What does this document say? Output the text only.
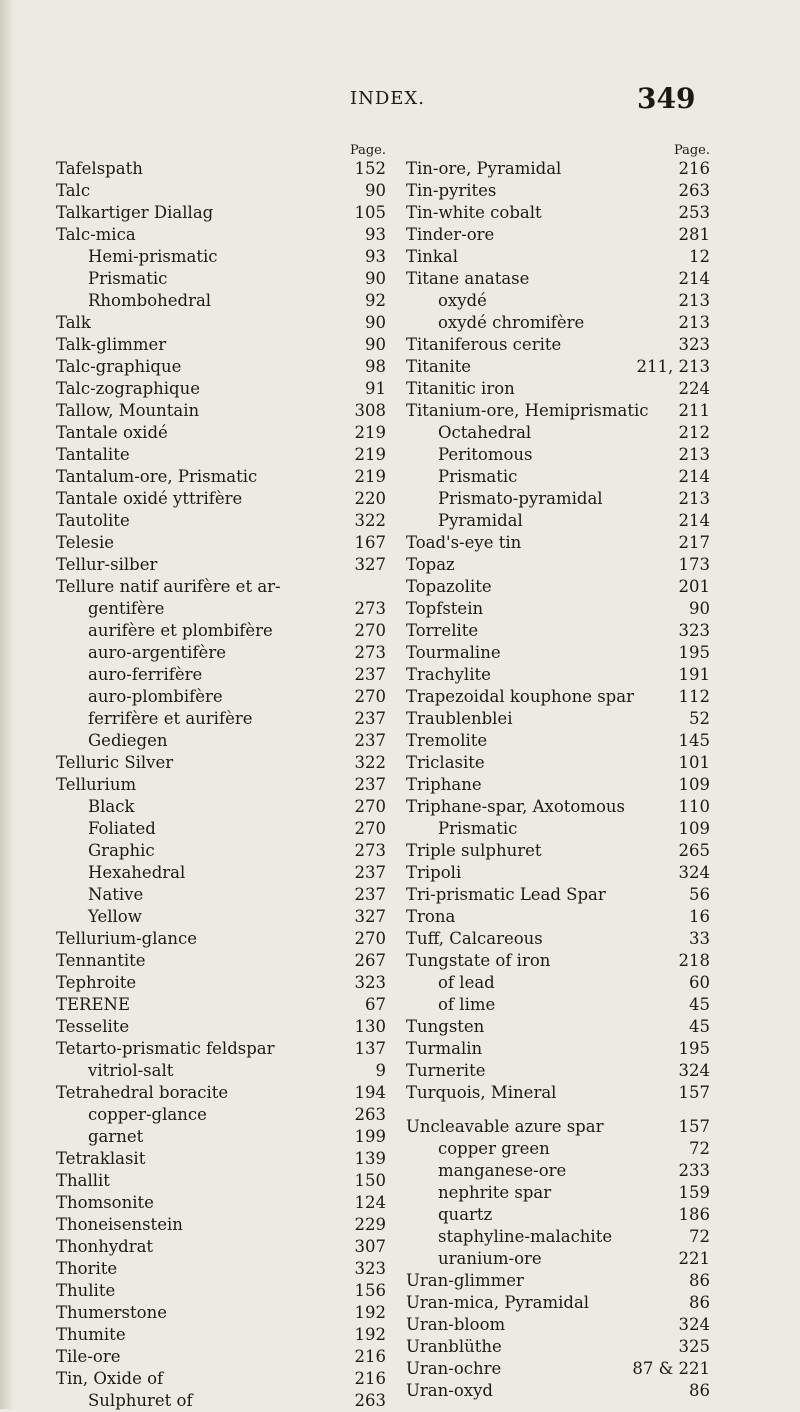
INDEX.	349
Page.
Tafelspath	152
Talc	90
Talkartiger Diallag	105
Talc-mica	93
Hemi-prismatic	93
Prismatic	90
Rhombohedral	92
Talk	90
Talk-glimmer	90
Talc-graphique	98
Talc-zographique	91
Tallow, Mountain	308
Tantale oxidé	219
Tantalite	219
Tantalum-ore, Prismatic	219
Tantale oxidé yttrifère	220
Tautolite	322
Telesie	167
Tellur-silber	327
Tellure natif aurifère et ar-
gentifère	273
aurifère et plombifère	270
auro-argentifère	273
auro-ferrifère	237
auro-plombifère	270
ferrifère et aurifère	237
Gediegen	237
Telluric Silver	322
Tellurium	237
Black	270
Foliated	270
Graphic	273
Hexahedral	237
Native	237
Yellow	327
Tellurium-glance	270
Tennantite	267
Tephroite	323
TERENE	67
Tesselite	130
Tetarto-prismatic feldspar	137
vitriol-salt	9
Tetrahedral boracite	194
copper-glance	263
garnet	199
Tetraklasit	139
Thallit	150
Thomsonite	124
Thoneisenstein	229
Thonhydrat	307
Thorite	323
Thulite	156
Thumerstone	192
Thumite	192
Tile-ore	216
Tin, Oxide of	216
Sulphuret of	263
Page.
Tin-ore, Pyramidal	216
Tin-pyrites	263
Tin-white cobalt	253
Tinder-ore	281
Tinkal	12
Titane anatase	214
oxydé	213
oxydé chromifère	213
Titaniferous cerite	323
Titanite	211, 213
Titanitic iron	224
Titanium-ore, Hemiprismatic 211
Octahedral	212
Peritomous	213
Prismatic	214
Prismato-pyramidal	213
Pyramidal	214
Toad's-eye tin	217
Topaz	173
Topazolite	201
Topfstein	90
Torrelite	323
Tourmaline	195
Trachylite	191
Trapezoidal kouphone spar	112
Traublenblei	52
Tremolite	145
Triclasite	101
Triphane	109
Triphane-spar, Axotomous	110
Prismatic	109
Triple sulphuret	265
Tripoli	324
Tri-prismatic Lead Spar	56
Trona	16
Tuff, Calcareous	33
Tungstate of iron	218
of lead	60
of lime	45
Tungsten	45
Turmalin	195
Turnerite	324
Turquois, Mineral	157
Uncleavable azure spar	157
copper green	72
manganese-ore	233
nephrite spar	159
quartz	186
staphyline-malachite	72
uranium-ore	221
Uran-glimmer	86
Uran-mica, Pyramidal	86
Uran-bloom	324
Uranblüthe	325
Uran-ochre	87 & 221
Uran-oxyd	86
